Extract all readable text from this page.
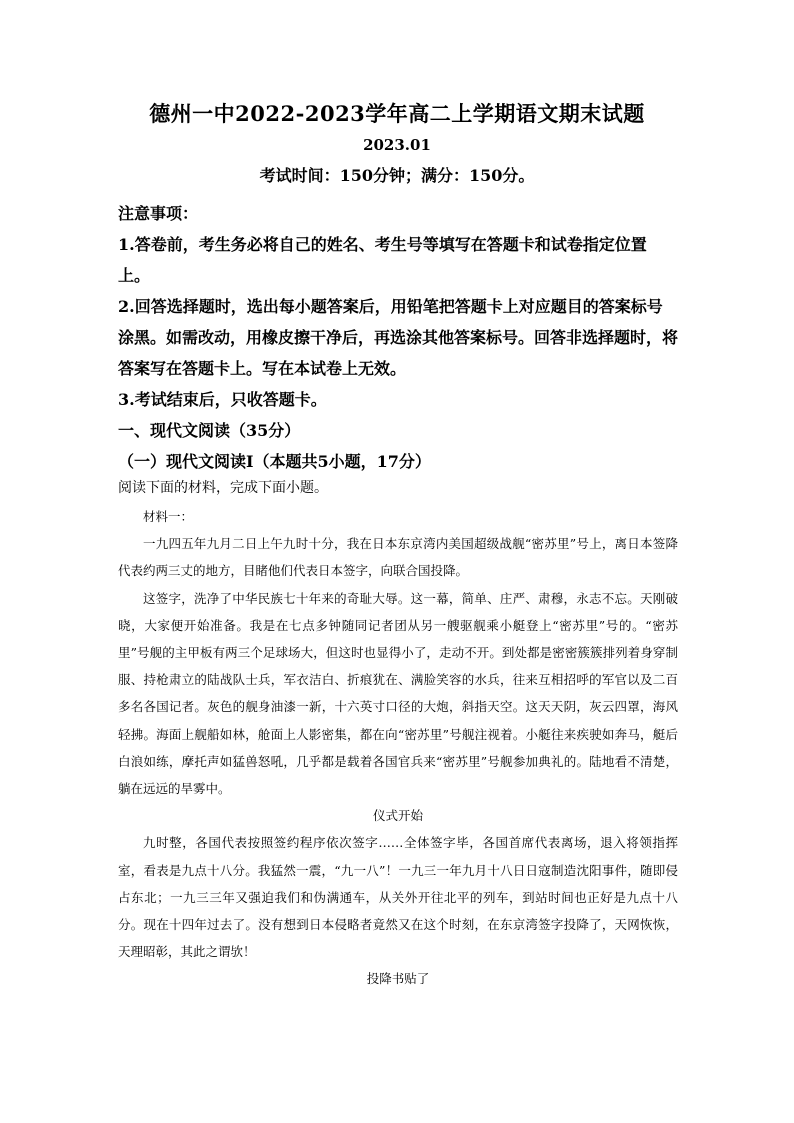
德州一中2022-2023学年高二上学期语文期末试题
2023.01
考试时间：150分钟；满分：150分。

注意事项：

1.答卷前，考生务必将自己的姓名、考生号等填写在答题卡和试卷指定位置上。

2.回答选择题时，选出每小题答案后，用铅笔把答题卡上对应题目的答案标号涂黑。如需改动，用橡皮擦干净后，再选涂其他答案标号。回答非选择题时，将答案写在答题卡上。写在本试卷上无效。

3.考试结束后，只收答题卡。

一、现代文阅读（35分）

（一）现代文阅读Ⅰ（本题共5小题，17分）

阅读下面的材料，完成下面小题。

材料一：

一九四五年九月二日上午九时十分，我在日本东京湾内美国超级战舰“密苏里”号上，离日本签降代表约两三丈的地方，目睹他们代表日本签字，向联合国投降。

这签字，洗净了中华民族七十年来的奇耻大辱。这一幕，简单、庄严、肃穆，永志不忘。天刚破晓，大家便开始准备。我是在七点多钟随同记者团从另一艘驱舰乘小艇登上“密苏里”号的。“密苏里”号舰的主甲板有两三个足球场大，但这时也显得小了，走动不开。到处都是密密簇簇排列着身穿制服、持枪肃立的陆战队士兵，军衣洁白、折痕犹在、满脸笑容的水兵，往来互相招呼的军官以及二百多名各国记者。灰色的舰身油漆一新，十六英寸口径的大炮，斜指天空。这天天阴，灰云四罩，海风轻拂。海面上舰船如林，舱面上人影密集，都在向“密苏里”号舰注视着。小艇往来疾驶如奔马，艇后白浪如练，摩托声如猛兽怒吼，几乎都是载着各国官兵来“密苏里”号舰参加典礼的。陆地看不清楚，躺在远远的旱雾中。

仪式开始

九时整，各国代表按照签约程序依次签字……全体签字毕，各国首席代表离场，退入将领指挥室，看表是九点十八分。我猛然一震，“九一八”！一九三一年九月十八日日寇制造沈阳事件，随即侵占东北；一九三三年又强迫我们和伪满通车，从关外开往北平的列车，到站时间也正好是九点十八分。现在十四年过去了。没有想到日本侵略者竟然又在这个时刻，在东京湾签字投降了，天网恢恢，天理昭彰，其此之谓欤！

投降书贴了
